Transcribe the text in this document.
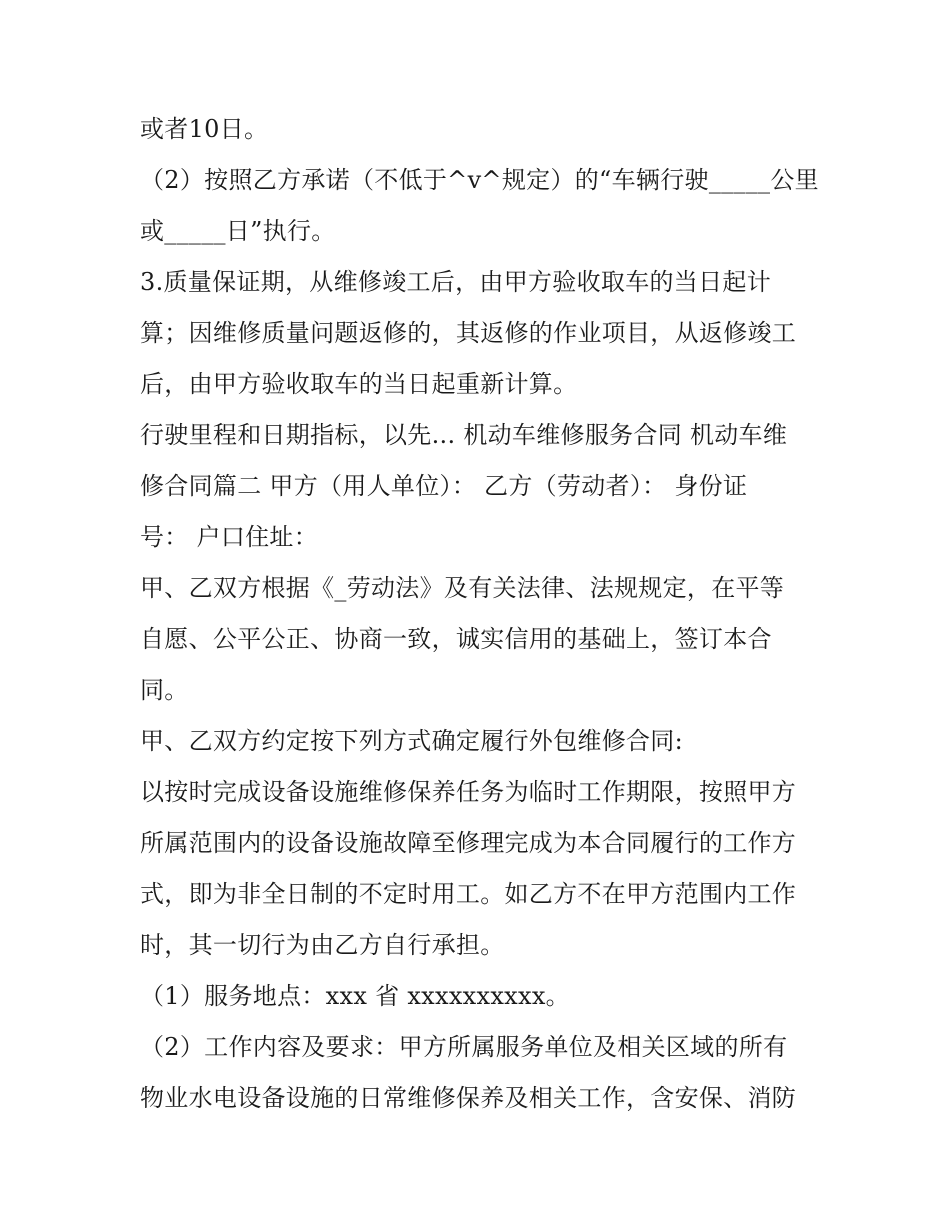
或者10日。
（2）按照乙方承诺（不低于^v^规定）的“车辆行驶_____公里
或_____日”执行。
3.质量保证期，从维修竣工后，由甲方验收取车的当日起计
算；因维修质量问题返修的，其返修的作业项目，从返修竣工
后，由甲方验收取车的当日起重新计算。
行驶里程和日期指标，以先... 机动车维修服务合同 机动车维
修合同篇二 甲方（用人单位）： 乙方（劳动者）： 身份证
号： 户口住址：
甲、乙双方根据《_劳动法》及有关法律、法规规定，在平等
自愿、公平公正、协商一致，诚实信用的基础上，签订本合
同。
甲、乙双方约定按下列方式确定履行外包维修合同:
以按时完成设备设施维修保养任务为临时工作期限，按照甲方
所属范围内的设备设施故障至修理完成为本合同履行的工作方
式，即为非全日制的不定时用工。如乙方不在甲方范围内工作
时，其一切行为由乙方自行承担。
（1）服务地点：xxx 省 xxxxxxxxxx。
（2）工作内容及要求：甲方所属服务单位及相关区域的所有
物业水电设备设施的日常维修保养及相关工作，含安保、消防
